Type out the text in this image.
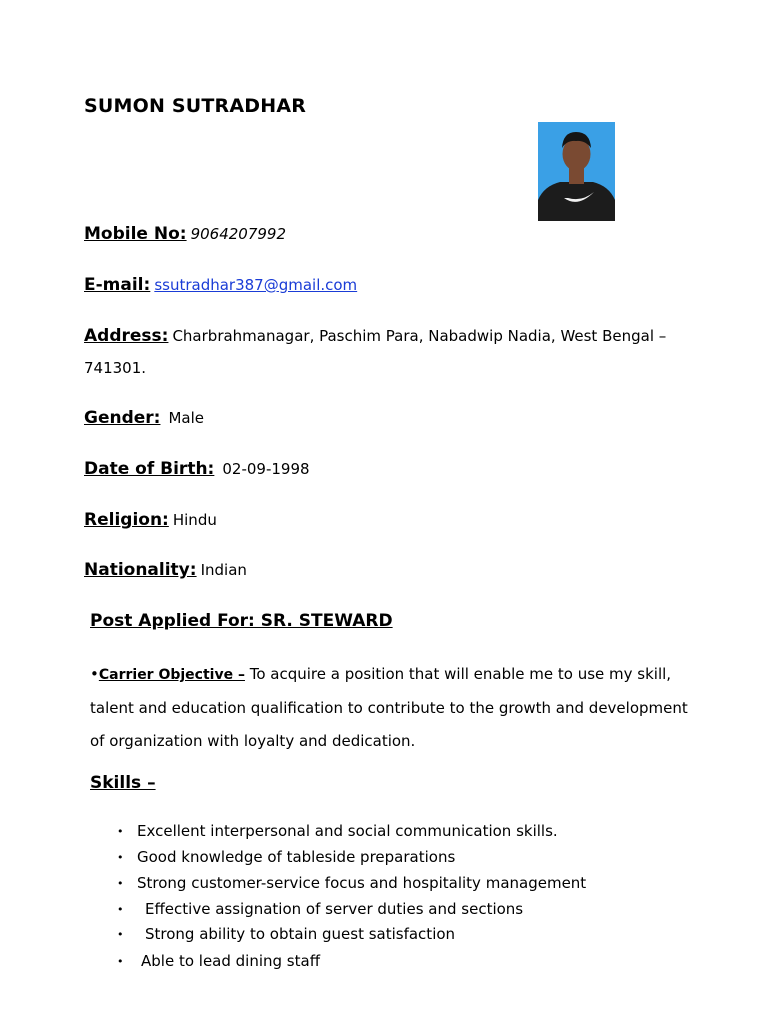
SUMON SUTRADHAR
Mobile No: 9064207992
E-mail: ssutradhar387@gmail.com
Address: Charbrahmanagar, Paschim Para, Nabadwip Nadia, West Bengal –
741301.
Gender: Male
Date of Birth: 02-09-1998
Religion: Hindu
Nationality: Indian
Post Applied For: SR. STEWARD
•Carrier Objective – To acquire a position that will enable me to use my skill, talent and education qualification to contribute to the growth and development of organization with loyalty and dedication.
Skills –
• Excellent interpersonal and social communication skills.
• Good knowledge of tableside preparations
• Strong customer-service focus and hospitality management
• Effective assignation of server duties and sections
• Strong ability to obtain guest satisfaction
• Able to lead dining staff
